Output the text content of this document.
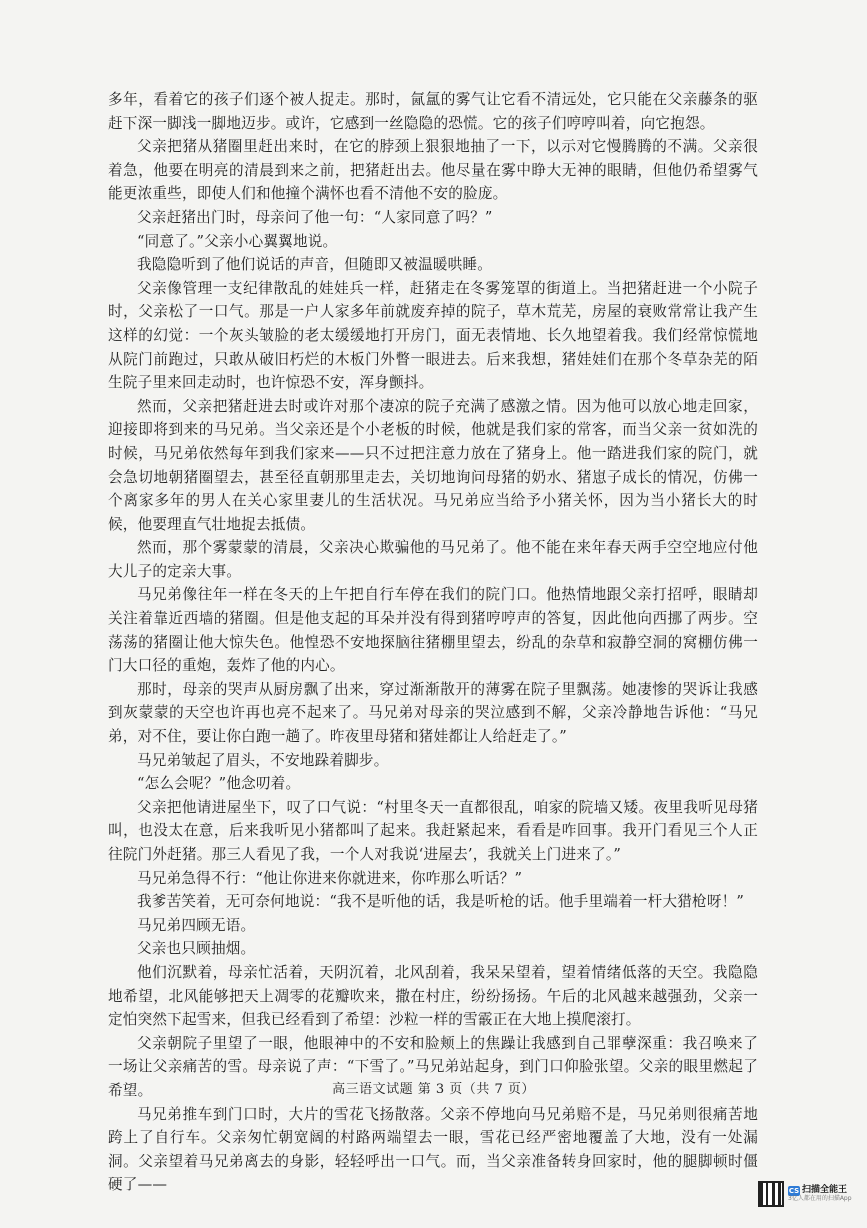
多年，看着它的孩子们逐个被人捉走。那时，氤氲的雾气让它看不清远处，它只能在父亲藤条的驱赶下深一脚浅一脚地迈步。或许，它感到一丝隐隐的恐慌。它的孩子们哼哼叫着，向它抱怨。

父亲把猪从猪圈里赶出来时，在它的脖颈上狠狠地抽了一下，以示对它慢腾腾的不满。父亲很着急，他要在明亮的清晨到来之前，把猪赶出去。他尽量在雾中睁大无神的眼睛，但他仍希望雾气能更浓重些，即使人们和他撞个满怀也看不清他不安的脸庞。

父亲赶猪出门时，母亲问了他一句：“人家同意了吗？”

“同意了。”父亲小心翼翼地说。

我隐隐听到了他们说话的声音，但随即又被温暖哄睡。

父亲像管理一支纪律散乱的娃娃兵一样，赶猪走在冬雾笼罩的街道上。当把猪赶进一个小院子时，父亲松了一口气。那是一户人家多年前就废弃掉的院子，草木荒芜，房屋的衰败常常让我产生这样的幻觉：一个灰头皱脸的老太缓缓地打开房门，面无表情地、长久地望着我。我们经常惊慌地从院门前跑过，只敢从破旧朽烂的木板门外瞥一眼进去。后来我想，猪娃娃们在那个冬草杂芜的陌生院子里来回走动时，也许惊恐不安，浑身颤抖。

然而，父亲把猪赶进去时或许对那个凄凉的院子充满了感激之情。因为他可以放心地走回家，迎接即将到来的马兄弟。当父亲还是个小老板的时候，他就是我们家的常客，而当父亲一贫如洗的时候，马兄弟依然每年到我们家来——只不过把注意力放在了猪身上。他一踏进我们家的院门，就会急切地朝猪圈望去，甚至径直朝那里走去，关切地询问母猪的奶水、猪崽子成长的情况，仿佛一个离家多年的男人在关心家里妻儿的生活状况。马兄弟应当给予小猪关怀，因为当小猪长大的时候，他要理直气壮地捉去抵债。

然而，那个雾蒙蒙的清晨，父亲决心欺骗他的马兄弟了。他不能在来年春天两手空空地应付他大儿子的定亲大事。

马兄弟像往年一样在冬天的上午把自行车停在我们的院门口。他热情地跟父亲打招呼，眼睛却关注着靠近西墙的猪圈。但是他支起的耳朵并没有得到猪哼哼声的答复，因此他向西挪了两步。空荡荡的猪圈让他大惊失色。他惶恐不安地探脑往猪棚里望去，纷乱的杂草和寂静空洞的窝棚仿佛一门大口径的重炮，轰炸了他的内心。

那时，母亲的哭声从厨房飘了出来，穿过渐渐散开的薄雾在院子里飘荡。她凄惨的哭诉让我感到灰蒙蒙的天空也许再也亮不起来了。马兄弟对母亲的哭泣感到不解，父亲冷静地告诉他：“马兄弟，对不住，要让你白跑一趟了。昨夜里母猪和猪娃都让人给赶走了。”

马兄弟皱起了眉头，不安地跺着脚步。

“怎么会呢？”他念叨着。

父亲把他请进屋坐下，叹了口气说：“村里冬天一直都很乱，咱家的院墙又矮。夜里我听见母猪叫，也没太在意，后来我听见小猪都叫了起来。我赶紧起来，看看是咋回事。我开门看见三个人正往院门外赶猪。那三人看见了我，一个人对我说‘进屋去’，我就关上门进来了。”

马兄弟急得不行：“他让你进来你就进来，你咋那么听话？”

我爹苦笑着，无可奈何地说：“我不是听他的话，我是听枪的话。他手里端着一杆大猎枪呀！”

马兄弟四顾无语。

父亲也只顾抽烟。

他们沉默着，母亲忙活着，天阴沉着，北风刮着，我呆呆望着，望着情绪低落的天空。我隐隐地希望，北风能够把天上凋零的花瓣吹来，撒在村庄，纷纷扬扬。午后的北风越来越强劲，父亲一定怕突然下起雪来，但我已经看到了希望：沙粒一样的雪霰正在大地上摸爬滚打。

父亲朝院子里望了一眼，他眼神中的不安和脸颊上的焦躁让我感到自己罪孽深重：我召唤来了一场让父亲痛苦的雪。母亲说了声：“下雪了。”马兄弟站起身，到门口仰脸张望。父亲的眼里燃起了希望。

马兄弟推车到门口时，大片的雪花飞扬散落。父亲不停地向马兄弟赔不是，马兄弟则很痛苦地跨上了自行车。父亲匆忙朝宽阔的村路两端望去一眼，雪花已经严密地覆盖了大地，没有一处漏洞。父亲望着马兄弟离去的身影，轻轻呼出一口气。而，当父亲准备转身回家时，他的腿脚顿时僵硬了——

高三语文试题 第 3 页（共 7 页）
CS 扫描全能王
3亿人都在用的扫描App
